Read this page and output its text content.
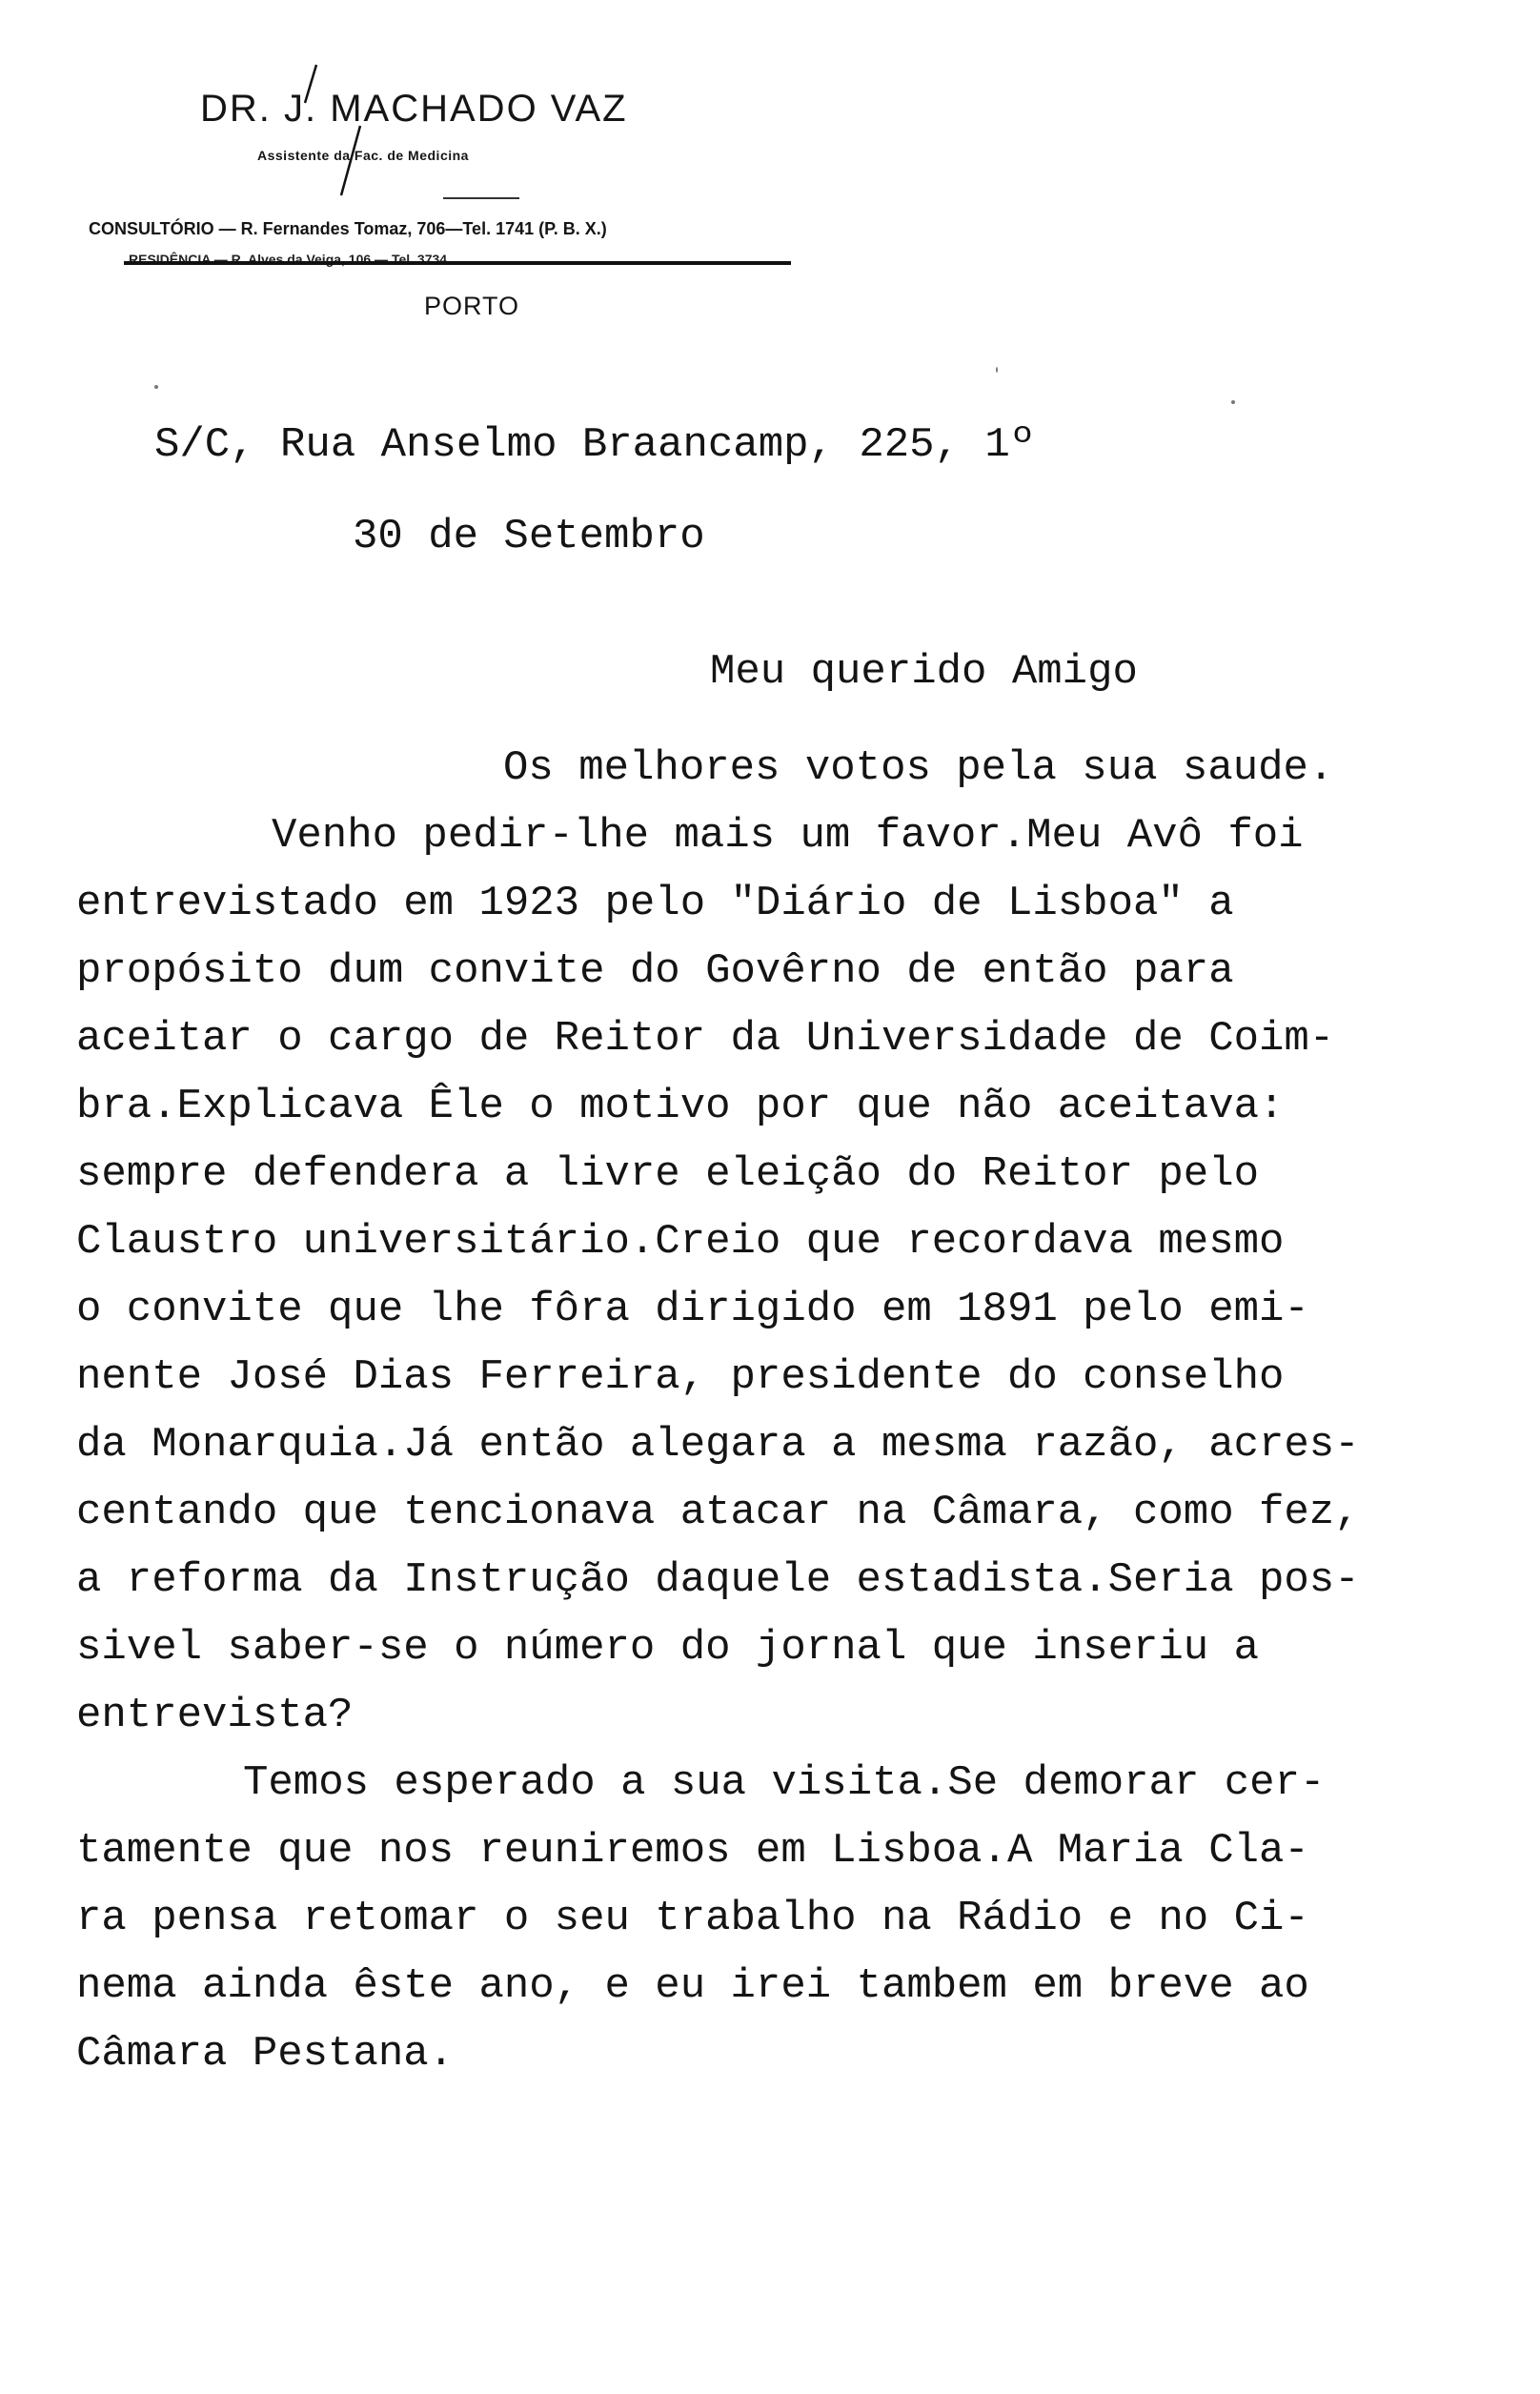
DR. J. MACHADO VAZ
Assistente da Fac. de Medicina
CONSULTÓRIO — R. Fernandes Tomaz, 706—Tel. 1741 (P. B. X.)
RESIDÊNCIA — R. Alves da Veiga, 106 — Tel. 3734
PORTO
S/C, Rua Anselmo Braancamp, 225, 1º
30 de Setembro
Meu querido Amigo
Os melhores votos pela sua saude.
Venho pedir-lhe mais um favor.Meu Avô foi
entrevistado em 1923 pelo "Diário de Lisboa" a
propósito dum convite do Govêrno de então para
aceitar o cargo de Reitor da Universidade de Coim-
bra.Explicava Êle o motivo por que não aceitava:
sempre defendera a livre eleição do Reitor pelo
Claustro universitário.Creio que recordava mesmo
o convite que lhe fôra dirigido em 1891 pelo emi-
nente José Dias Ferreira, presidente do conselho
da Monarquia.Já então alegara a mesma razão, acres-
centando que tencionava atacar na Câmara, como fez,
a reforma da Instrução daquele estadista.Seria pos-
sivel saber-se o número do jornal que inseriu a
entrevista?
Temos esperado a sua visita.Se demorar cer-
tamente que nos reuniremos em Lisboa.A Maria Cla-
ra pensa retomar o seu trabalho na Rádio e no Ci-
nema ainda êste ano, e eu irei tambem em breve ao
Câmara Pestana.
